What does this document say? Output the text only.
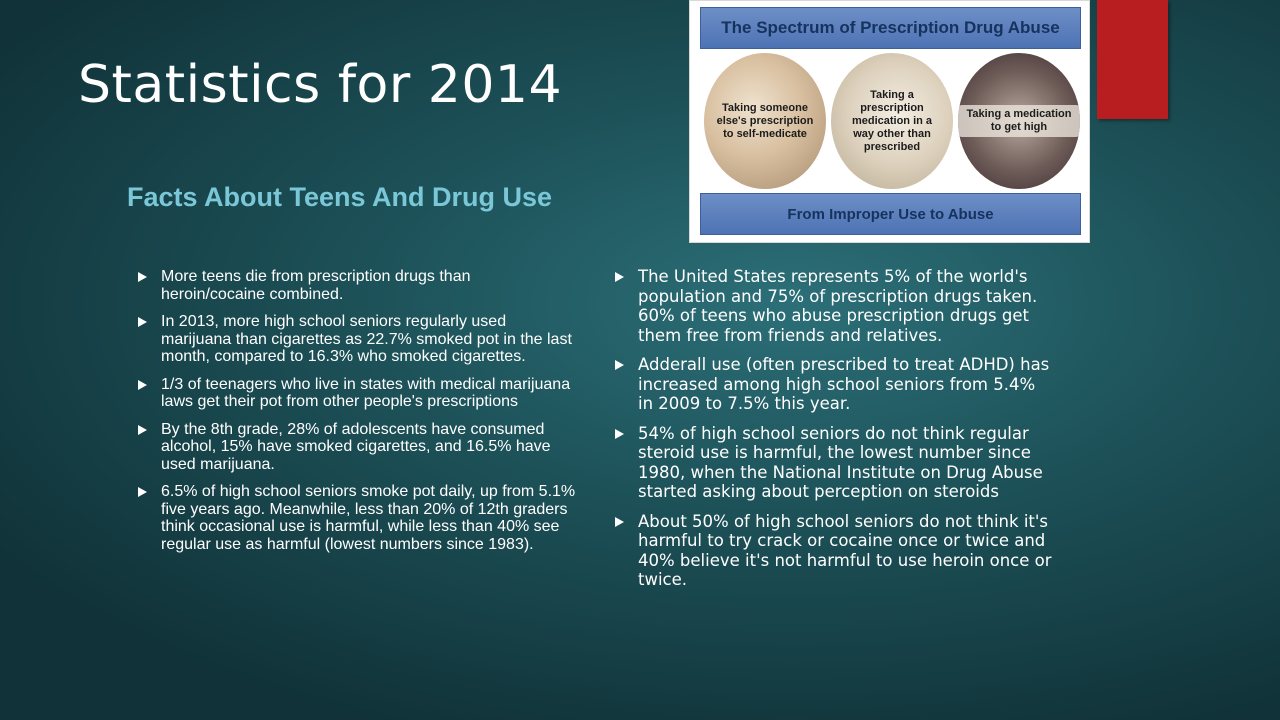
Statistics for 2014
Facts About Teens And Drug Use
The Spectrum of Prescription Drug Abuse
Taking someone else's prescription to self-medicate
Taking a prescription medication in a way other than prescribed
Taking a medication to get high
From Improper Use to Abuse
More teens die from prescription drugs than heroin/cocaine combined.
In 2013, more high school seniors regularly used marijuana than cigarettes as 22.7% smoked pot in the last month, compared to 16.3% who smoked cigarettes.
1/3 of teenagers who live in states with medical marijuana laws get their pot from other people's prescriptions
By the 8th grade, 28% of adolescents have consumed alcohol, 15% have smoked cigarettes, and 16.5% have used marijuana.
6.5% of high school seniors smoke pot daily, up from 5.1% five years ago. Meanwhile, less than 20% of 12th graders think occasional use is harmful, while less than 40% see regular use as harmful (lowest numbers since 1983).
The United States represents 5% of the world's population and 75% of prescription drugs taken. 60% of teens who abuse prescription drugs get them free from friends and relatives.
Adderall use (often prescribed to treat ADHD) has increased among high school seniors from 5.4% in 2009 to 7.5% this year.
54% of high school seniors do not think regular steroid use is harmful, the lowest number since 1980, when the National Institute on Drug Abuse started asking about perception on steroids
About 50% of high school seniors do not think it's harmful to try crack or cocaine once or twice and 40% believe it's not harmful to use heroin once or twice.
